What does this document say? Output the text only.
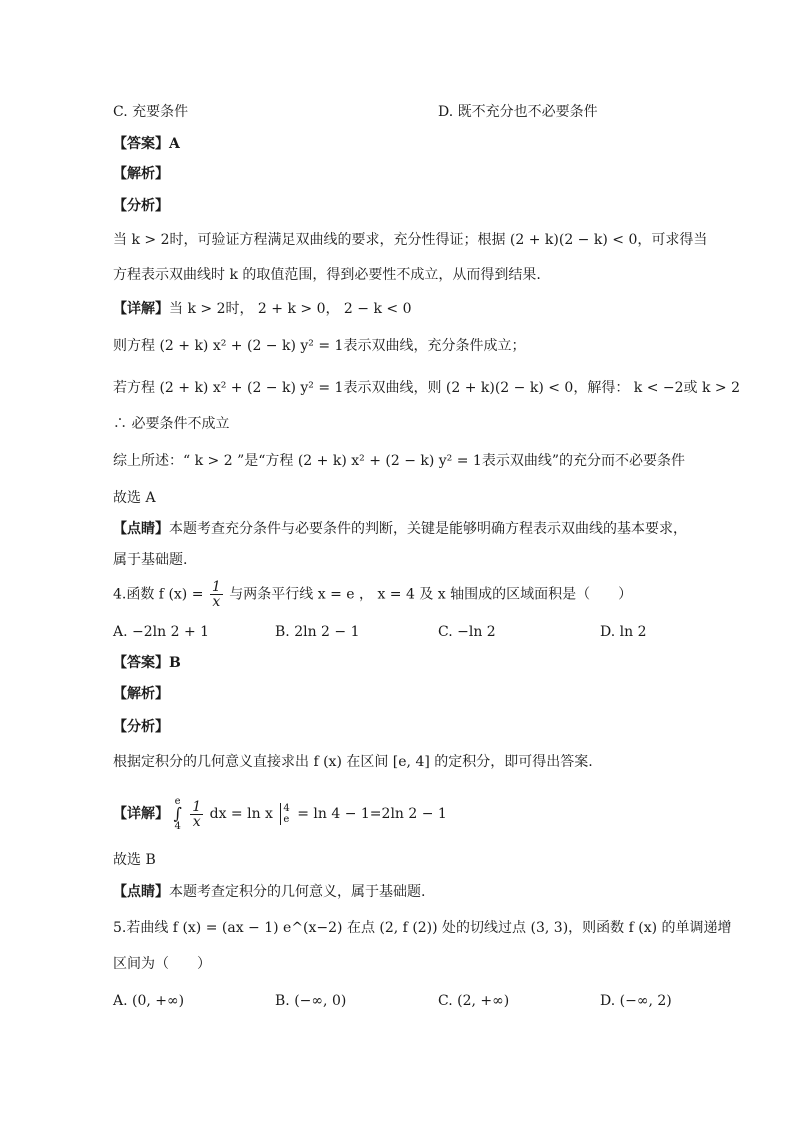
C. 充要条件	D. 既不充分也不必要条件
【答案】A
【解析】
【分析】
当 k > 2时，可验证方程满足双曲线的要求，充分性得证；根据 (2 + k)(2 − k) < 0，可求得当
方程表示双曲线时 k 的取值范围，得到必要性不成立，从而得到结果.
【详解】当 k > 2时， 2 + k > 0， 2 − k < 0
则方程 (2 + k) x² + (2 − k) y² = 1表示双曲线，充分条件成立；
若方程 (2 + k) x² + (2 − k) y² = 1表示双曲线，则 (2 + k)(2 − k) < 0，解得： k < −2或 k > 2
∴ 必要条件不成立
综上所述：“ k > 2 ”是“方程 (2 + k) x² + (2 − k) y² = 1表示双曲线”的充分而不必要条件
故选 A
【点睛】本题考查充分条件与必要条件的判断，关键是能够明确方程表示双曲线的基本要求，
属于基础题.
4.函数 f $(x) = \frac{1}{x}$ 与两条平行线 x = e ， x = 4 及 x 轴围成的区域面积是（　　）
A. −2ln 2 + 1	B. 2ln 2 − 1	C. −ln 2	D. ln 2
【答案】B
【解析】
【分析】
根据定积分的几何意义直接求出 f (x) 在区间 [e, 4] 的定积分，即可得出答案.
【详解】
e
∫
4
$\frac{1}{x}$ dx = ln x 4
e = ln 4 − 1=2ln 2 − 1
故选 B
【点睛】本题考查定积分的几何意义，属于基础题.
5.若曲线 f (x) = (ax − 1) e^(x−2) 在点 (2, f (2)) 处的切线过点 (3, 3)，则函数 f (x) 的单调递增
区间为（　　）
A. (0, +∞)	B. (−∞, 0)	C. (2, +∞)	D. (−∞, 2)
